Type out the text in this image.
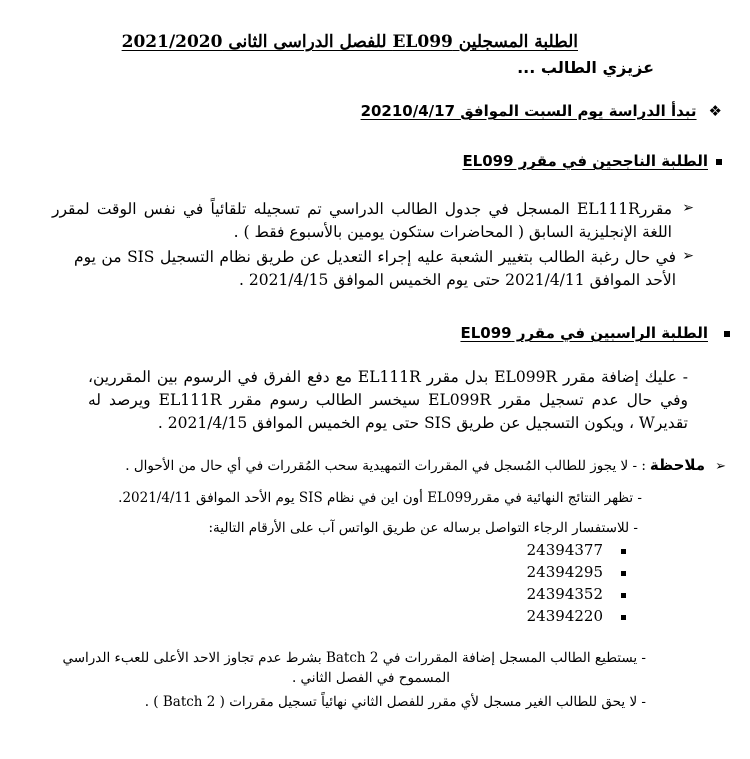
الطلبة المسجلين EL099 للفصل الدراسى الثانى 2021/2020
عزيزي الطالب ...
❖ تبدأ الدراسة يوم السبت الموافق 20210/4/17
الطلبة الناجحين في مقرر EL099
➢
مقررEL111R المسجل في جدول الطالب الدراسي تم تسجيله تلقائياً في نفس الوقت لمقرر اللغة الإنجليزية السابق ( المحاضرات ستكون يومين بالأسبوع فقط ) .
➢
في حال رغبة الطالب بتغيير الشعبة عليه إجراء التعديل عن طريق نظام التسجيل SIS من يوم الأحد الموافق 2021/4/11 حتى يوم الخميس الموافق 2021/4/15 .
الطلبة الراسبين في مقرر EL099
- عليك إضافة مقرر EL099R بدل مقرر EL111R مع دفع الفرق في الرسوم بين المقررين، وفي حال عدم تسجيل مقرر EL099R سيخسر الطالب رسوم مقرر EL111R ويرصد له تقديرW ، ويكون التسجيل عن طريق SIS حتى يوم الخميس الموافق 2021/4/15 .
➢ ملاحظة : - لا يجوز للطالب المُسجل في المقررات التمهيدية سحب المُقررات في أي حال من الأحوال .
- تظهر النتائج النهائية في مقررEL099 أون اين في نظام SIS يوم الأحد الموافق 2021/4/11.
- للاستفسار الرجاء التواصل برساله عن طريق الواتس آب على الأرقام التالية:
24394377
24394295
24394352
24394220
- يستطيع الطالب المسجل إضافة المقررات في Batch 2 بشرط عدم تجاوز الاحد الأعلى للعبء الدراسي
المسموح في الفصل الثاني .
- لا يحق للطالب الغير مسجل لأي مقرر للفصل الثاني نهائياً تسجيل مقررات ( Batch 2 ) .
